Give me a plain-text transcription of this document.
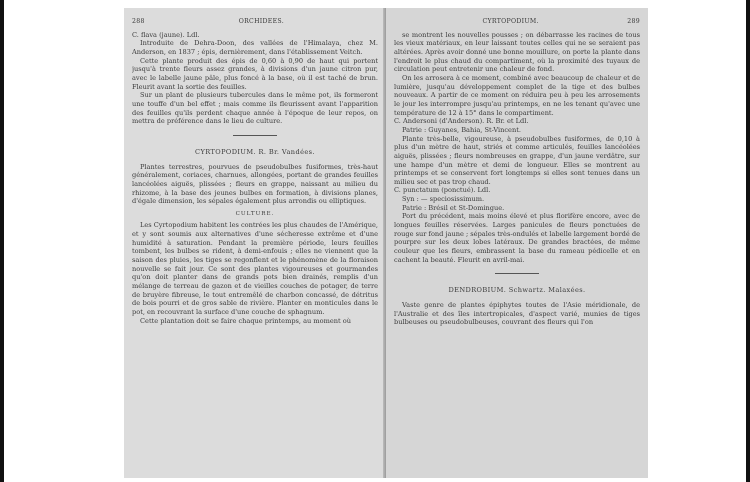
288	ORCHIDÉES.

C. flava (jaune). Ldl.

Introduite de Dehra-Doon, des vallées de l'Himalaya, chez M. Anderson, en 1837 ; épis, dernièrement, dans l'établissement Veitch.

Cette plante produit des épis de 0,60 à 0,90 de haut qui portent jusqu'à trente fleurs assez grandes, à divisions d'un jaune citron pur, avec le labelle jaune pâle, plus foncé à la base, où il est taché de brun. Fleurit avant la sortie des feuilles.

Sur un plant de plusieurs tubercules dans le même pot, ils formeront une touffe d'un bel effet ; mais comme ils fleurissent avant l'apparition des feuilles qu'ils perdent chaque année à l'époque de leur repos, on mettra de préférence dans le lieu de culture.

CYRTOPODIUM. R. Br. Vandées.

Plantes terrestres, pourvues de pseudobulbes fusiformes, très-haut généralement, coriaces, charnues, allongées, portant de grandes feuilles lancéolées aiguës, plissées ; fleurs en grappe, naissant au milieu du rhizome, à la base des jeunes bulbes en formation, à divisions planes, d'égale dimension, les sépales également plus arrondis ou elliptiques.

CULTURE.

Les Cyrtopodium habitent les contrées les plus chaudes de l'Amérique, et y sont soumis aux alternatives d'une sécheresse extrême et d'une humidité à saturation. Pendant la première période, leurs feuilles tombent, les bulbes se rident, à demi-enfouis ; elles ne viennent que la saison des pluies, les tiges se regonflent et le phénomène de la floraison nouvelle se fait jour. Ce sont des plantes vigoureuses et gourmandes qu'on doit planter dans de grands pots bien drainés, remplis d'un mélange de terreau de gazon et de vieilles couches de potager, de terre de bruyère fibreuse, le tout entremêlé de charbon concassé, de détritus de bois pourri et de gros sable de rivière. Planter en monticules dans le pot, en recouvrant la surface d'une couche de sphagnum.

Cette plantation doit se faire chaque printemps, au moment où

CYRTOPODIUM.	289

se montrent les nouvelles pousses ; on débarrasse les racines de tous les vieux matériaux, en leur laissant toutes celles qui ne se seraient pas altérées. Après avoir donné une bonne mouillure, on porte la plante dans l'endroit le plus chaud du compartiment, où la proximité des tuyaux de circulation peut entretenir une chaleur de fond.

On les arrosera à ce moment, combiné avec beaucoup de chaleur et de lumière, jusqu'au développement complet de la tige et des bulbes nouveaux. A partir de ce moment on réduira peu à peu les arrosements le jour les interrompre jusqu'au printemps, en ne les tenant qu'avec une température de 12 à 15° dans le compartiment.

C. Andersoni (d'Anderson). R. Br. et Ldl.

Patrie : Guyanes, Bahia, St-Vincent.

Plante très-belle, vigoureuse, à pseudobulbes fusiformes, de 0,10 à plus d'un mètre de haut, striés et comme articulés, feuilles lancéolées aiguës, plissées ; fleurs nombreuses en grappe, d'un jaune verdâtre, sur une hampe d'un mètre et demi de longueur. Elles se montrent au printemps et se conservent fort longtemps si elles sont tenues dans un milieu sec et pas trop chaud.

C. punctatum (ponctué). Ldl.

Syn : — speciosissimum.

Patrie : Brésil et St-Domingue.

Port du précédent, mais moins élevé et plus florifère encore, avec de longues feuilles réservées. Larges panicules de fleurs ponctuées de rouge sur fond jaune ; sépales très-ondulés et labelle largement bordé de pourpre sur les deux lobes latéraux. De grandes bractées, de même couleur que les fleurs, embrassent la base du rameau pédicelle et en cachent la beauté. Fleurit en avril-mai.

DENDROBIUM. Schwartz. Malaxées.

Vaste genre de plantes épiphytes toutes de l'Asie méridionale, de l'Australie et des îles intertropicales, d'aspect varié, munies de tiges bulbeuses ou pseudobulbeuses, couvrant des fleurs qui l'on
